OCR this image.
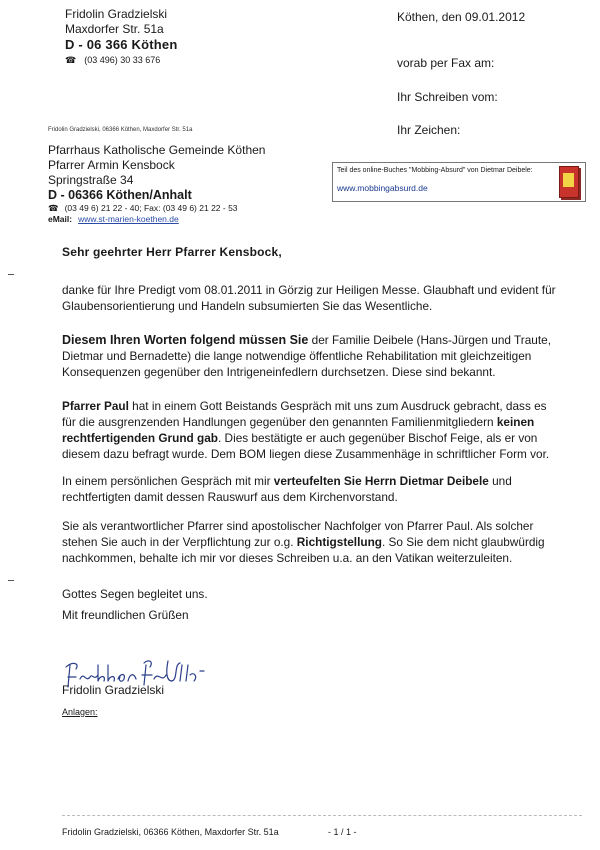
Fridolin Gradzielski
Maxdorfer Str. 51a
D - 06 366 Köthen
☎ (03 496) 30 33 676
Köthen, den 09.01.2012
vorab per Fax am:
Ihr Schreiben vom:
Ihr Zeichen:
Fridolin Gradzielski, 06366 Köthen, Maxdorfer Str. 51a
Pfarrhaus Katholische Gemeinde Köthen
Pfarrer Armin Kensbock
Springstraße 34
D - 06366 Köthen/Anhalt
☎ (03 49 6) 21 22 - 40; Fax: (03 49 6) 21 22 - 53
eMail: www.st-marien-koethen.de
Teil des online-Buches "Mobbing-Absurd" von Dietmar Deibele:
www.mobbingabsurd.de
Sehr geehrter Herr Pfarrer Kensbock,
danke für Ihre Predigt vom 08.01.2011 in Görzig zur Heiligen Messe. Glaubhaft und evident für Glaubensorientierung und Handeln subsumierten Sie das Wesentliche.
Diesem Ihren Worten folgend müssen Sie der Familie Deibele (Hans-Jürgen und Traute, Dietmar und Bernadette) die lange notwendige öffentliche Rehabilitation mit gleichzeitigen Konsequenzen gegenüber den Intrigeneinfedlern durchsetzen. Diese sind bekannt.
Pfarrer Paul hat in einem Gott Beistands Gespräch mit uns zum Ausdruck gebracht, dass es für die ausgrenzenden Handlungen gegenüber den genannten Familienmitgliedern keinen rechtfertigenden Grund gab. Dies bestätigte er auch gegenüber Bischof Feige, als er von diesem dazu befragt wurde. Dem BOM liegen diese Zusammenhäge in schriftlicher Form vor.
In einem persönlichen Gespräch mit mir verteufelten Sie Herrn Dietmar Deibele und rechtfertigten damit dessen Rauswurf aus dem Kirchenvorstand.
Sie als verantwortlicher Pfarrer sind apostolischer Nachfolger von Pfarrer Paul. Als solcher stehen Sie auch in der Verpflichtung zur o.g. Richtigstellung. So Sie dem nicht glaubwürdig nachkommen, behalte ich mir vor dieses Schreiben u.a. an den Vatikan weiterzuleiten.
Gottes Segen begleitet uns.
Mit freundlichen Grüßen
Fridolin Gradzielski
Anlagen:
Fridolin Gradzielski, 06366 Köthen, Maxdorfer Str. 51a	- 1 / 1 -
